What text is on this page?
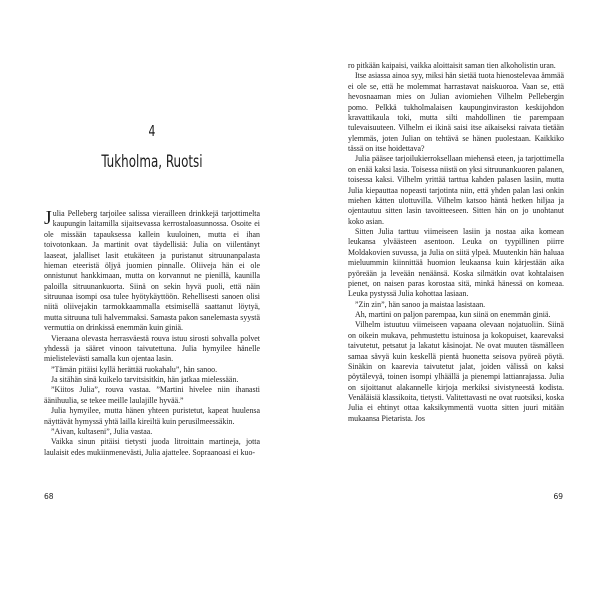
4
Tukholma, Ruotsi

Julia Pelleberg tarjoilee salissa vierailleen drinkkejä tarjottimelta kaupungin laitamilla sijaitsevassa kerrostaloasunnossa. Osoite ei ole missään tapauksessa kallein kuuloinen, mutta ei ihan toivotonkaan. Ja martinit ovat täydellisiä: Julia on viilentänyt laaseat, jalalliset lasit etukäteen ja puristanut sitruunanpalasta hieman eteeristä öljyä juomien pinnalle. Oliiveja hän ei ole onnistunut hankkimaan, mutta on korvannut ne pienillä, kaunilla paloilla sitruunankuorta. Siinä on sekin hyvä puoli, että näin sitruunaa isompi osa tulee hyötykäyttöön. Rehellisesti sanoen olisi niitä oliivejakin tarmokkaammalla etsimisellä saattanut löytyä, mutta sitruuna tuli halvemmaksi. Samasta pakon sanelemasta syystä vermuttia on drinkissä enemmän kuin giniä.

Vieraana olevasta herrasväestä rouva istuu sirosti sohvalla polvet yhdessä ja sääret vinoon taivutettuna. Julia hymyilee hänelle mielistelevästi samalla kun ojentaa lasin.

”Tämän pitäisi kyllä herättää ruokahalu”, hän sanoo.

Ja sitähän sinä kuikelo tarvitsisitkin, hän jatkaa mielessään.

”Kiitos Julia”, rouva vastaa. ”Martini hivelee niin ihanasti äänihuulia, se tekee meille laulajille hyvää.”

Julia hymyilee, mutta hänen yhteen puristetut, kapeat huulensa näyttävät hymyssä yhtä lailla kireiltä kuin perusilmeessäkin.

”Aivan, kultaseni”, Julia vastaa.

Vaikka sinun pitäisi tietysti juoda litroittain martineja, jotta laulaisit edes mukiinmenevästi, Julia ajattelee. Sopraanoasi ei kuo-

68

ro pitkään kaipaisi, vaikka aloittaisit saman tien alkoholistin uran.

Itse asiassa ainoa syy, miksi hän sietää tuota hienostelevaa ämmää ei ole se, että he molemmat harrastavat naiskuoroa. Vaan se, että hevosnaaman mies on Julian aviomiehen Vilhelm Pellebergin pomo. Pelkkä tukholmalaisen kaupunginviraston keskijohdon kravattikaula toki, mutta silti mahdollinen tie parempaan tulevaisuuteen. Vilhelm ei ikinä saisi itse aikaiseksi raivata tietään ylemmäs, joten Julian on tehtävä se hänen puolestaan. Kaikkiko tässä on itse hoidettava?

Julia pääsee tarjoilukierroksellaan miehensä eteen, ja tarjottimella on enää kaksi lasia. Toisessa niistä on yksi sitruunankuoren palanen, toisessa kaksi. Vilhelm yrittää tarttua kahden palasen lasiin, mutta Julia kiepauttaa nopeasti tarjotinta niin, että yhden palan lasi onkin miehen kätten ulottuvilla. Vilhelm katsoo häntä hetken hiljaa ja ojentautuu sitten lasin tavoitteeseen. Sitten hän on jo unohtanut koko asian.

Sitten Julia tarttuu viimeiseen lasiin ja nostaa aika komean leukansa ylväästeen asentoon. Leuka on tyypillinen piirre Moldakovien suvussa, ja Julia on siitä ylpeä. Muutenkin hän haluaa mieluummin kiinnittää huomion leukaansa kuin kärjestään aika pyöreään ja leveään nenäänsä. Koska silmätkin ovat kohtalaisen pienet, on naisen paras korostaa sitä, minkä hänessä on komeaa. Leuka pystyssä Julia kohottaa lasiaan.

”Zin zin”, hän sanoo ja maistaa lasistaan.

Ah, martini on paljon parempaa, kun siinä on enemmän giniä.

Vilhelm istuutuu viimeiseen vapaana olevaan nojatuoliin. Siinä on oikein mukava, pehmustettu istuinosa ja kokopuiset, kaarevaksi taivutetut, petsatut ja lakatut käsinojat. Ne ovat muuten täsmälleen samaa sävyä kuin keskellä pientä huonetta seisova pyöreä pöytä. Sinäkin on kaarevia taivutetut jalat, joiden välissä on kaksi pöytälevyä, toinen isompi ylhäällä ja pienempi lattianrajassa. Julia on sijoittanut alakannelle kirjoja merkiksi sivistyneestä kodista. Venäläisiä klassikoita, tietysti. Valitettavasti ne ovat ruotsiksi, koska Julia ei ehtinyt ottaa kaksikymmentä vuotta sitten juuri mitään mukaansa Pietarista. Jos

69
